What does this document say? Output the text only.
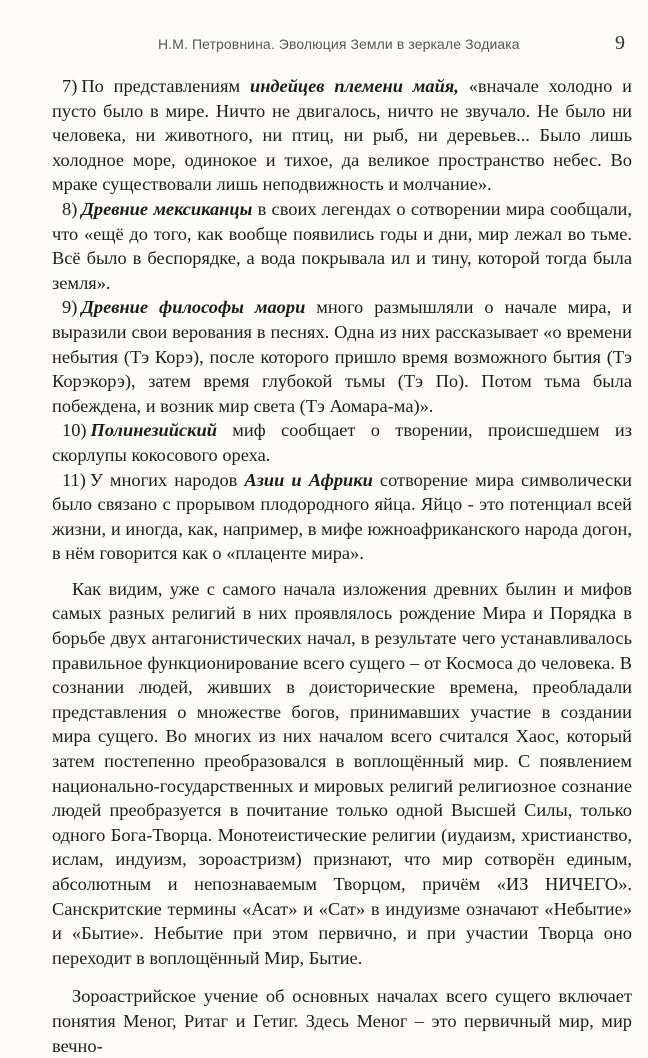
Н.М. Петровнина. Эволюция Земли в зеркале Зодиака	9

7) По представлениям индейцев племени майя, «вначале холодно и пусто было в мире. Ничто не двигалось, ничто не звучало. Не было ни человека, ни животного, ни птиц, ни рыб, ни деревьев... Было лишь холодное море, одинокое и тихое, да великое пространство небес. Во мраке существовали лишь неподвижность и молчание».

8) Древние мексиканцы в своих легендах о сотворении мира сообщали, что «ещё до того, как вообще появились годы и дни, мир лежал во тьме. Всё было в беспорядке, а вода покрывала ил и тину, которой тогда была земля».

9) Древние философы маори много размышляли о начале мира, и выразили свои верования в песнях. Одна из них рассказывает «о времени небытия (Тэ Корэ), после которого пришло время возможного бытия (Тэ Корэкорэ), затем время глубокой тьмы (Тэ По). Потом тьма была побеждена, и возник мир света (Тэ Аомара-ма)».

10) Полинезийский миф сообщает о творении, происшедшем из скорлупы кокосового ореха.

11) У многих народов Азии и Африки сотворение мира символически было связано с прорывом плодородного яйца. Яйцо - это потенциал всей жизни, и иногда, как, например, в мифе южноафриканского народа догон, в нём говорится как о «плаценте мира».

Как видим, уже с самого начала изложения древних былин и мифов самых разных религий в них проявлялось рождение Мира и Порядка в борьбе двух антагонистических начал, в результате чего устанавливалось правильное функционирование всего сущего – от Космоса до человека. В сознании людей, живших в доисторические времена, преобладали представления о множестве богов, принимавших участие в создании мира сущего. Во многих из них началом всего считался Хаос, который затем постепенно преобразовался в воплощённый мир. С появлением национально-государственных и мировых религий религиозное сознание людей преобразуется в почитание только одной Высшей Силы, только одного Бога-Творца. Монотеистические религии (иудаизм, христианство, ислам, индуизм, зороастризм) признают, что мир сотворён единым, абсолютным и непознаваемым Творцом, причём «ИЗ НИЧЕГО». Санскритские термины «Асат» и «Сат» в индуизме означают «Небытие» и «Бытие». Небытие при этом первично, и при участии Творца оно переходит в воплощённый Мир, Бытие.

Зороастрийское учение об основных началах всего сущего включает понятия Меног, Ритаг и Гетиг. Здесь Меног – это первичный мир, мир вечно-
